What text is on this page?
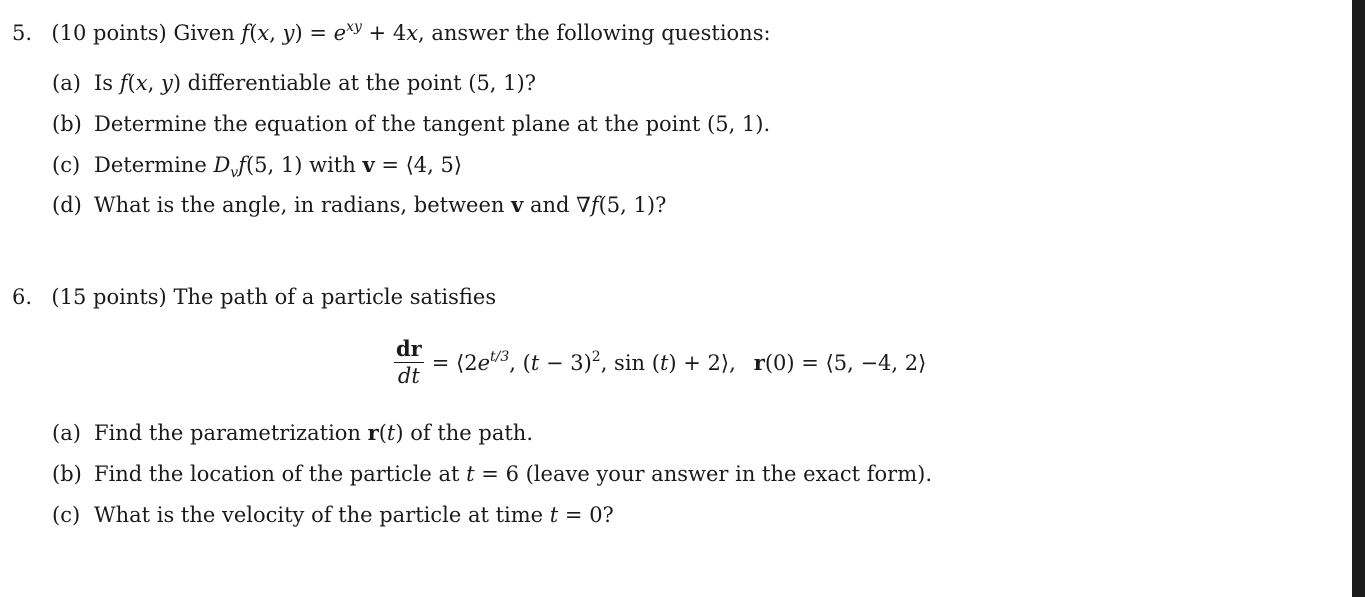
5. (10 points) Given f(x, $y) = e^{xy} + 4x$, answer the following questions:
(a) Is f(x, y) differentiable at the point (5, 1)?
(b) Determine the equation of the tangent plane at the point (5, 1).
(c) Determine $D_vf(5$, 1) with v = ⟨4, 5⟩
(d) What is the angle, in radians, between v and ∇f(5, 1)?
6. (15 points) The path of a particle satisfies
$\frac{dr}{dt}$ = $⟨2e^{t/3}$, $(t - 3)^2$, sin (t) + 2⟩, r(0) = ⟨5, −4, 2⟩
(a) Find the parametrization r(t) of the path.
(b) Find the location of the particle at t = 6 (leave your answer in the exact form).
(c) What is the velocity of the particle at time t = 0?
